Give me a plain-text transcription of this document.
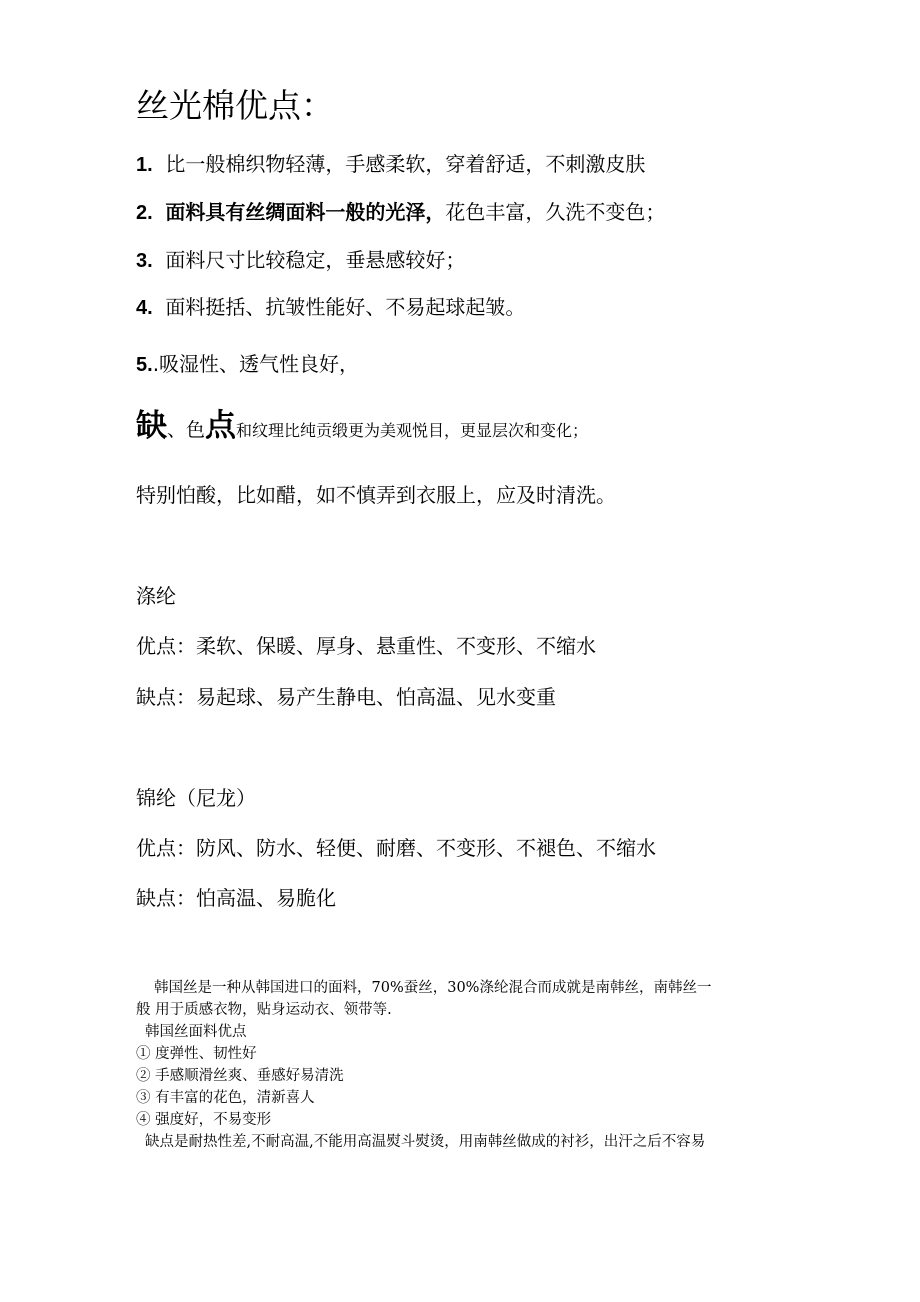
丝光棉优点：
1. 比一般棉织物轻薄，手感柔软，穿着舒适，不刺激皮肤
2. 面料具有丝绸面料一般的光泽，花色丰富，久洗不变色；
3. 面料尺寸比较稳定，垂悬感较好；
4. 面料挺括、抗皱性能好、不易起球起皱。
5..吸湿性、透气性良好，
缺、色点和纹理比纯贡缎更为美观悦目，更显层次和变化；
特别怕酸，比如醋，如不慎弄到衣服上，应及时清洗。
涤纶
优点：柔软、保暖、厚身、悬重性、不变形、不缩水
缺点：易起球、易产生静电、怕高温、见水变重
锦纶（尼龙）
优点：防风、防水、轻便、耐磨、不变形、不褪色、不缩水
缺点：怕高温、易脆化
韩国丝是一种从韩国进口的面料，70%蚕丝，30%涤纶混合而成就是南韩丝，南韩丝一
般 用于质感衣物，贴身运动衣、领带等.
韩国丝面料优点
① 度弹性、韧性好
② 手感顺滑丝爽、垂感好易清洗
③ 有丰富的花色，清新喜人
④ 强度好，不易变形
缺点是耐热性差,不耐高温,不能用高温熨斗熨烫，用南韩丝做成的衬衫，出汗之后不容易
